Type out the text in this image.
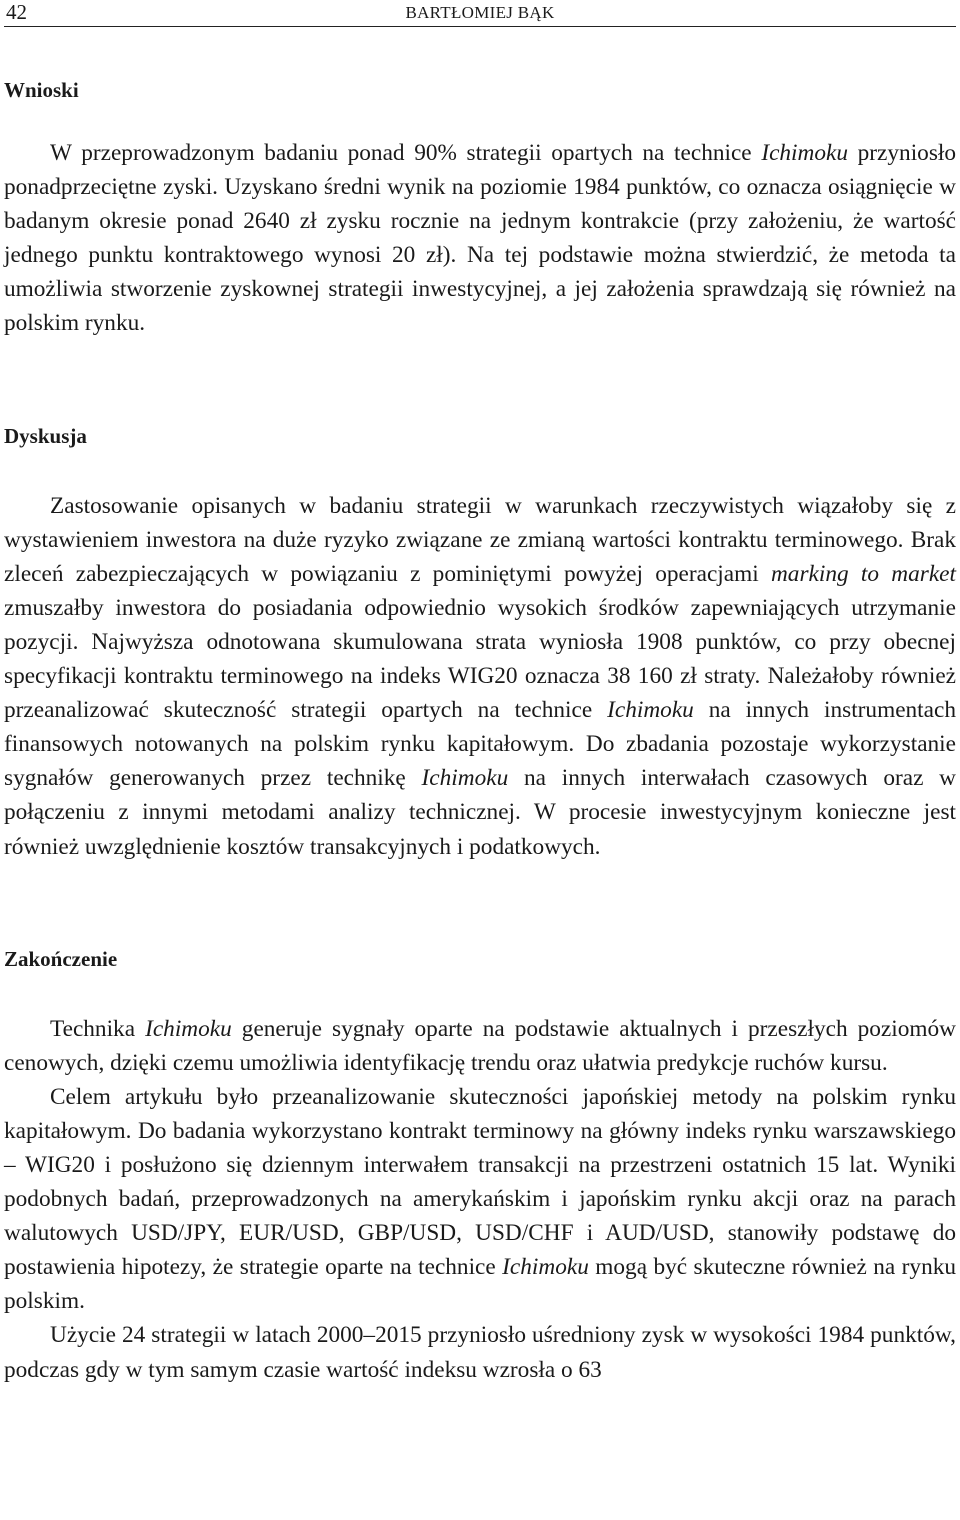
42	BARTŁOMIEJ BĄK
Wnioski

W przeprowadzonym badaniu ponad 90% strategii opartych na technice Ichimoku przyniosło ponadprzeciętne zyski. Uzyskano średni wynik na poziomie 1984 punktów, co oznacza osiągnięcie w badanym okresie ponad 2640 zł zysku rocznie na jednym kontrakcie (przy założeniu, że wartość jednego punktu kontraktowego wynosi 20 zł). Na tej podstawie można stwierdzić, że metoda ta umożliwia stworzenie zyskownej strategii inwestycyjnej, a jej założenia sprawdzają się również na polskim rynku.

Dyskusja

Zastosowanie opisanych w badaniu strategii w warunkach rzeczywistych wiązałoby się z wystawieniem inwestora na duże ryzyko związane ze zmianą wartości kontraktu terminowego. Brak zleceń zabezpieczających w powiązaniu z pominiętymi powyżej operacjami marking to market zmuszałby inwestora do posiadania odpowiednio wysokich środków zapewniających utrzymanie pozycji. Najwyższa odnotowana skumulowana strata wyniosła 1908 punktów, co przy obecnej specyfikacji kontraktu terminowego na indeks WIG20 oznacza 38 160 zł straty. Należałoby również przeanalizować skuteczność strategii opartych na technice Ichimoku na innych instrumentach finansowych notowanych na polskim rynku kapitałowym. Do zbadania pozostaje wykorzystanie sygnałów generowanych przez technikę Ichimoku na innych interwałach czasowych oraz w połączeniu z innymi metodami analizy technicznej. W procesie inwestycyjnym konieczne jest również uwzględnienie kosztów transakcyjnych i podatkowych.

Zakończenie

Technika Ichimoku generuje sygnały oparte na podstawie aktualnych i przeszłych poziomów cenowych, dzięki czemu umożliwia identyfikację trendu oraz ułatwia predykcje ruchów kursu.

Celem artykułu było przeanalizowanie skuteczności japońskiej metody na polskim rynku kapitałowym. Do badania wykorzystano kontrakt terminowy na główny indeks rynku warszawskiego – WIG20 i posłużono się dziennym interwałem transakcji na przestrzeni ostatnich 15 lat. Wyniki podobnych badań, przeprowadzonych na amerykańskim i japońskim rynku akcji oraz na parach walutowych USD/JPY, EUR/USD, GBP/USD, USD/CHF i AUD/USD, stanowiły podstawę do postawienia hipotezy, że strategie oparte na technice Ichimoku mogą być skuteczne również na rynku polskim.

Użycie 24 strategii w latach 2000–2015 przyniosło uśredniony zysk w wysokości 1984 punktów, podczas gdy w tym samym czasie wartość indeksu wzrosła o 63
